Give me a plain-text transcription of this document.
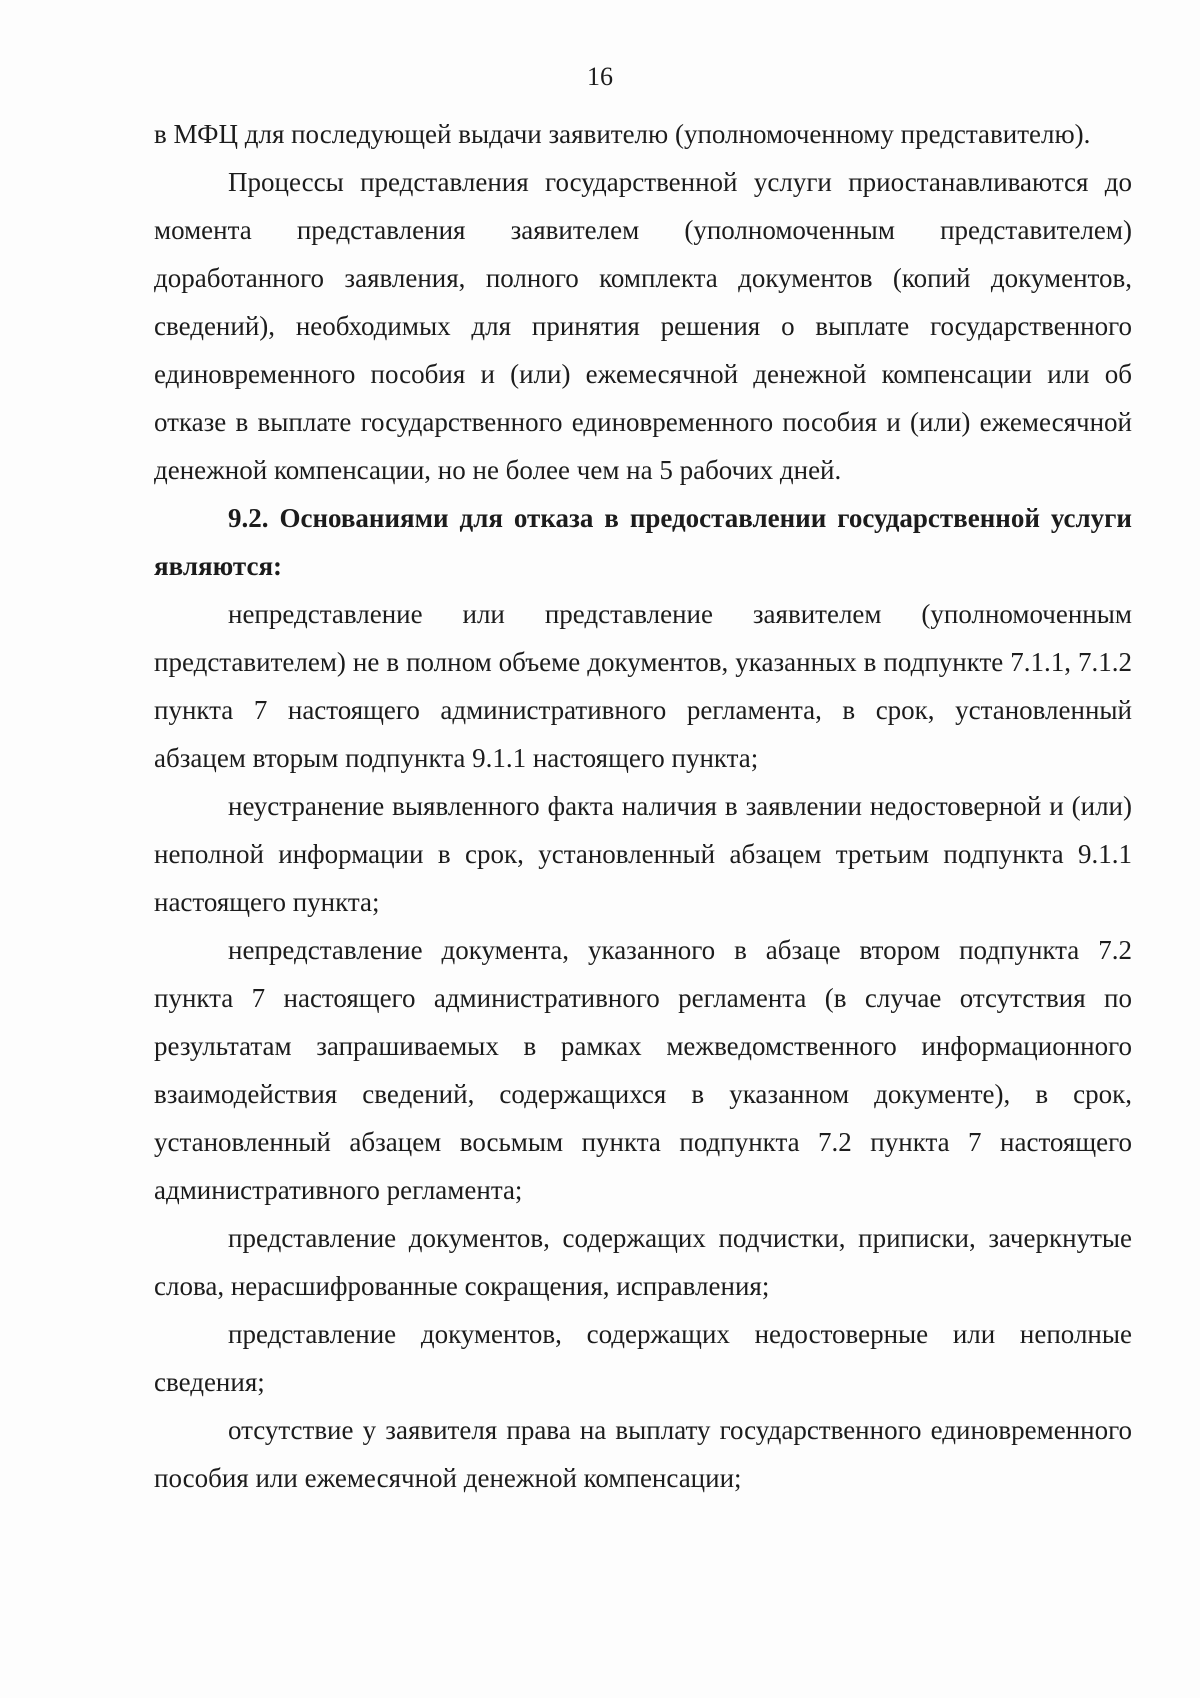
16

в МФЦ для последующей выдачи заявителю (уполномоченному представителю).

Процессы представления государственной услуги приостанавливаются до момента представления заявителем (уполномоченным представителем) доработанного заявления, полного комплекта документов (копий документов, сведений), необходимых для принятия решения о выплате государственного единовременного пособия и (или) ежемесячной денежной компенсации или об отказе в выплате государственного единовременного пособия и (или) ежемесячной денежной компенсации, но не более чем на 5 рабочих дней.

9.2. Основаниями для отказа в предоставлении государственной услуги являются:

непредставление или представление заявителем (уполномоченным представителем) не в полном объеме документов, указанных в подпункте 7.1.1, 7.1.2 пункта 7 настоящего административного регламента, в срок, установленный абзацем вторым подпункта 9.1.1 настоящего пункта;

неустранение выявленного факта наличия в заявлении недостоверной и (или) неполной информации в срок, установленный абзацем третьим подпункта 9.1.1 настоящего пункта;

непредставление документа, указанного в абзаце втором подпункта 7.2 пункта 7 настоящего административного регламента (в случае отсутствия по результатам запрашиваемых в рамках межведомственного информационного взаимодействия сведений, содержащихся в указанном документе), в срок, установленный абзацем восьмым пункта подпункта 7.2 пункта 7 настоящего административного регламента;

представление документов, содержащих подчистки, приписки, зачеркнутые слова, нерасшифрованные сокращения, исправления;

представление документов, содержащих недостоверные или неполные сведения;

отсутствие у заявителя права на выплату государственного единовременного пособия или ежемесячной денежной компенсации;
